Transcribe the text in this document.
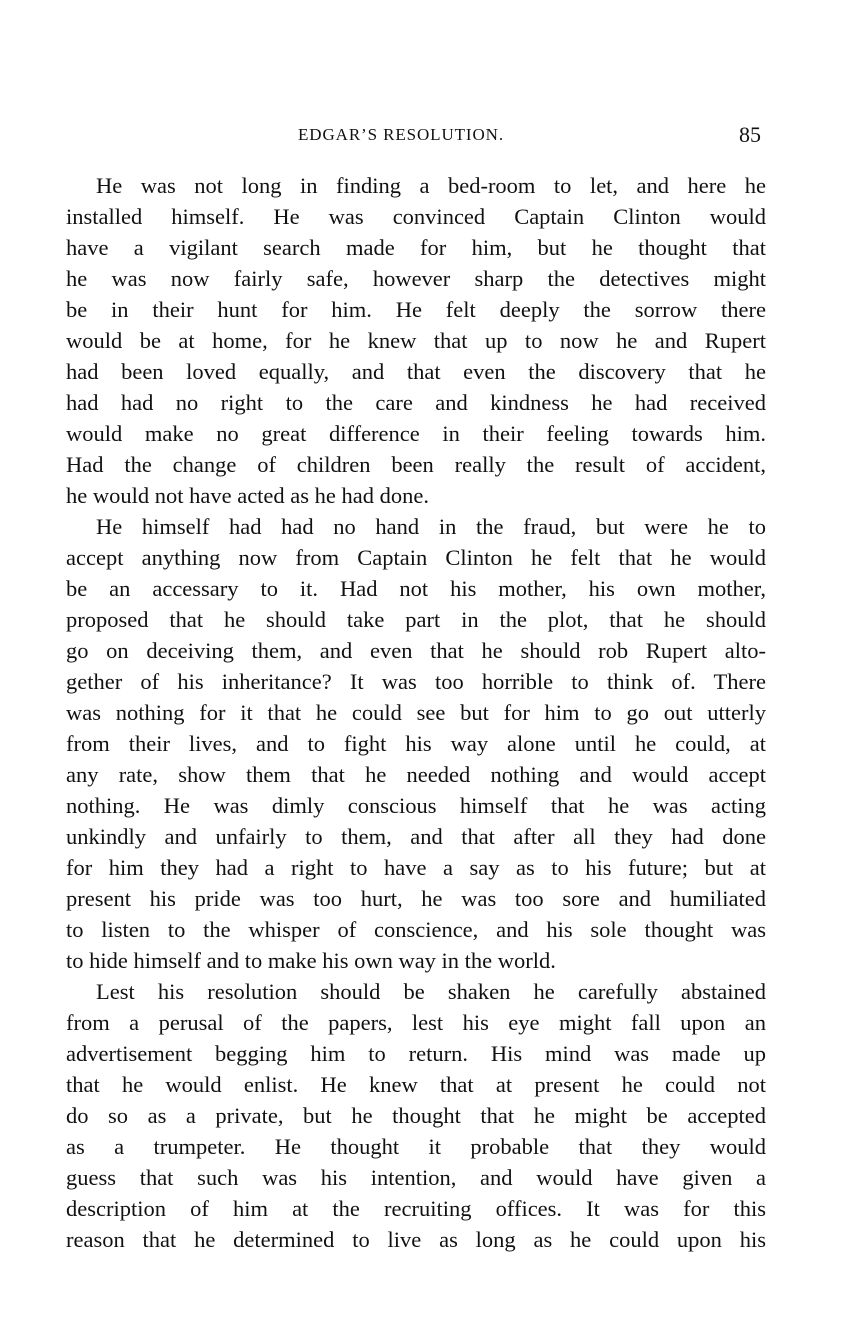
EDGAR’S RESOLUTION.	85
He was not long in finding a bed-room to let, and here he
installed himself. He was convinced Captain Clinton would
have a vigilant search made for him, but he thought that
he was now fairly safe, however sharp the detectives might
be in their hunt for him. He felt deeply the sorrow there
would be at home, for he knew that up to now he and Rupert
had been loved equally, and that even the discovery that he
had had no right to the care and kindness he had received
would make no great difference in their feeling towards him.
Had the change of children been really the result of accident,
he would not have acted as he had done.
He himself had had no hand in the fraud, but were he to
accept anything now from Captain Clinton he felt that he would
be an accessary to it. Had not his mother, his own mother,
proposed that he should take part in the plot, that he should
go on deceiving them, and even that he should rob Rupert alto-
gether of his inheritance? It was too horrible to think of. There
was nothing for it that he could see but for him to go out utterly
from their lives, and to fight his way alone until he could, at
any rate, show them that he needed nothing and would accept
nothing. He was dimly conscious himself that he was acting
unkindly and unfairly to them, and that after all they had done
for him they had a right to have a say as to his future; but at
present his pride was too hurt, he was too sore and humiliated
to listen to the whisper of conscience, and his sole thought was
to hide himself and to make his own way in the world.
Lest his resolution should be shaken he carefully abstained
from a perusal of the papers, lest his eye might fall upon an
advertisement begging him to return. His mind was made up
that he would enlist. He knew that at present he could not
do so as a private, but he thought that he might be accepted
as a trumpeter. He thought it probable that they would
guess that such was his intention, and would have given a
description of him at the recruiting offices. It was for this
reason that he determined to live as long as he could upon his
